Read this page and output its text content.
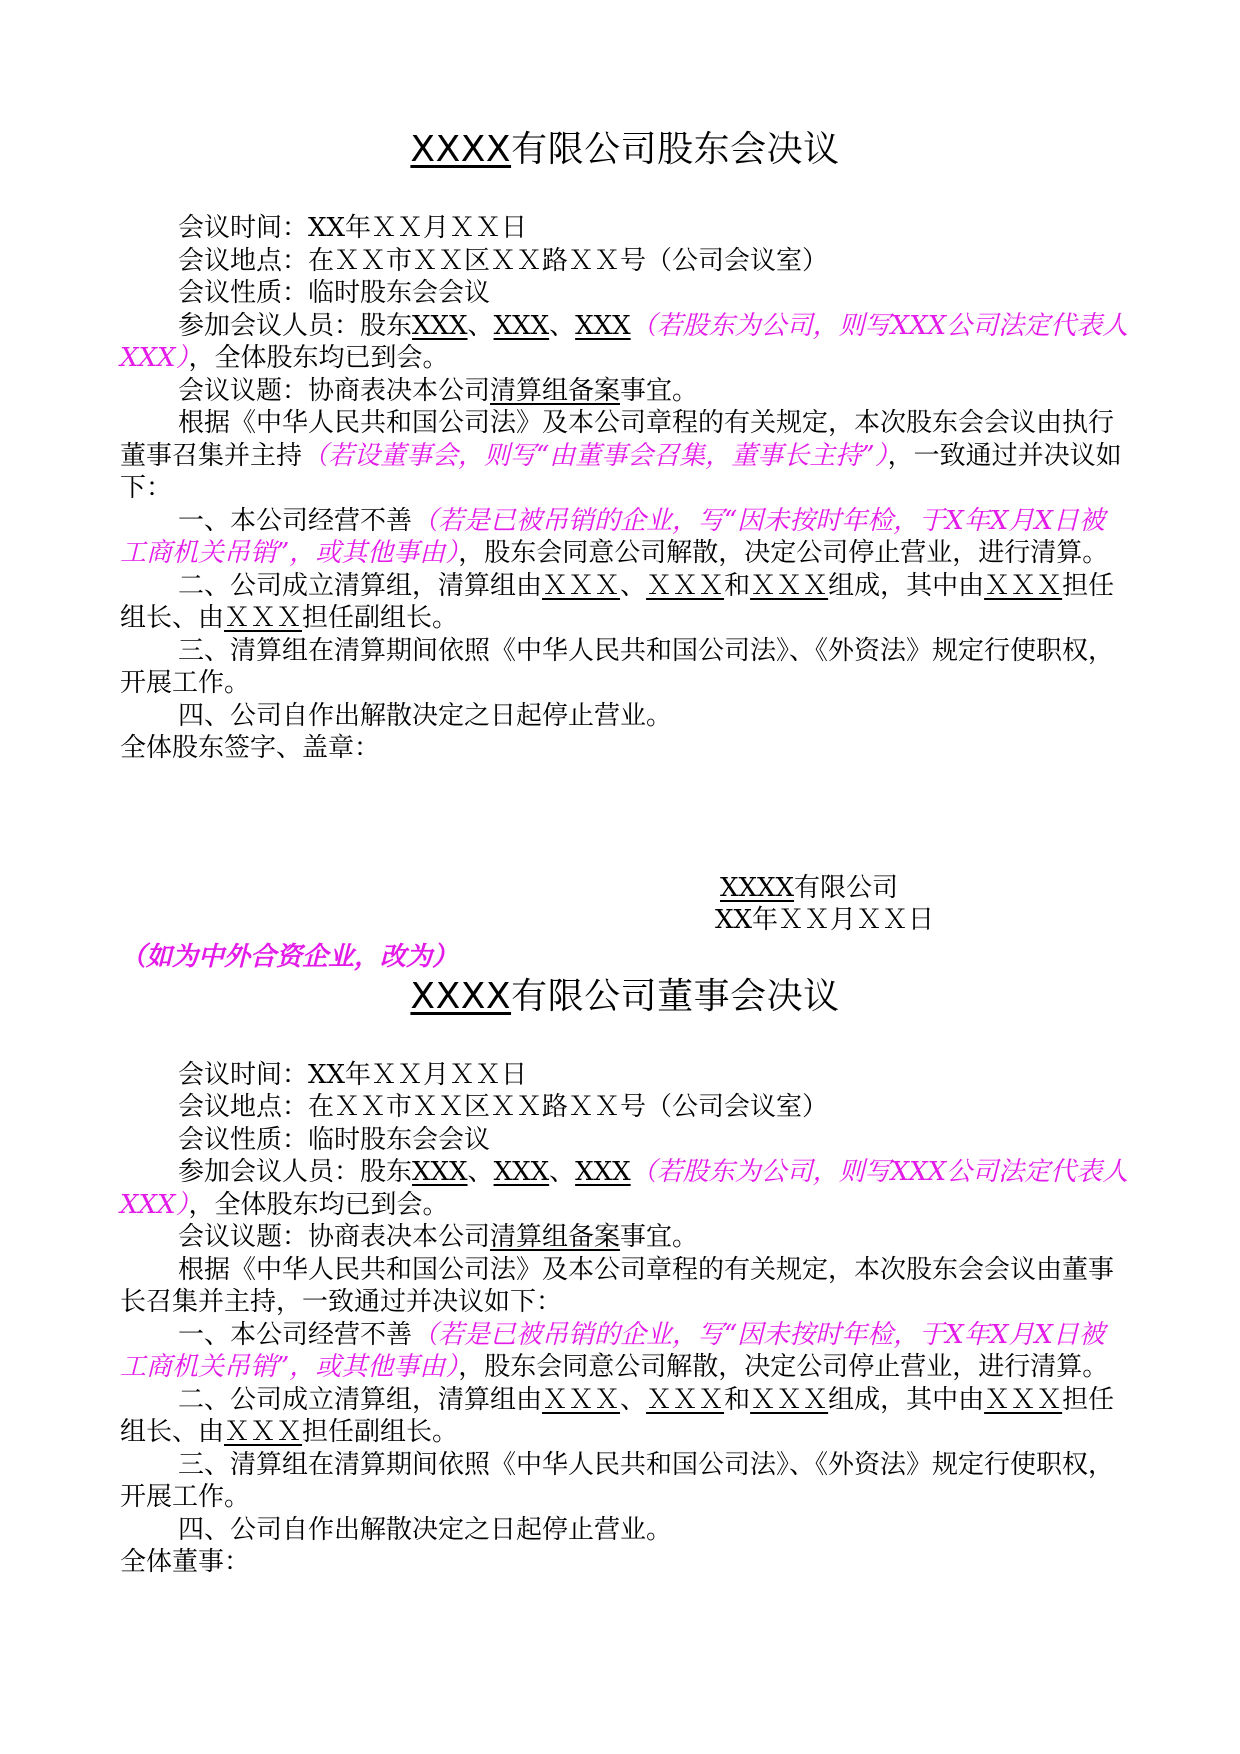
XXXX有限公司股东会决议

会议时间：XX年ＸＸ月ＸＸ日

会议地点：在ＸＸ市ＸＸ区ＸＸ路ＸＸ号（公司会议室）

会议性质：临时股东会会议

参加会议人员：股东XXX、XXX、XXX（若股东为公司，则写XXX公司法定代表人XXX），全体股东均已到会。

会议议题：协商表决本公司清算组备案事宜。

根据《中华人民共和国公司法》及本公司章程的有关规定，本次股东会会议由执行董事召集并主持（若设董事会，则写“由董事会召集，董事长主持”），一致通过并决议如下：

一、本公司经营不善（若是已被吊销的企业，写“因未按时年检，于X年X月X日被工商机关吊销”，或其他事由），股东会同意公司解散，决定公司停止营业，进行清算。

二、公司成立清算组，清算组由ＸＸＸ、ＸＸＸ和ＸＸＸ组成，其中由ＸＸＸ担任组长、由ＸＸＸ担任副组长。

三、清算组在清算期间依照《中华人民共和国公司法》、《外资法》规定行使职权，开展工作。

四、公司自作出解散决定之日起停止营业。

全体股东签字、盖章：

XXXX有限公司
XX年ＸＸ月ＸＸ日
（如为中外合资企业，改为）
XXXX有限公司董事会决议

会议时间：XX年ＸＸ月ＸＸ日

会议地点：在ＸＸ市ＸＸ区ＸＸ路ＸＸ号（公司会议室）

会议性质：临时股东会会议

参加会议人员：股东XXX、XXX、XXX（若股东为公司，则写XXX公司法定代表人XXX），全体股东均已到会。

会议议题：协商表决本公司清算组备案事宜。

根据《中华人民共和国公司法》及本公司章程的有关规定，本次股东会会议由董事长召集并主持，一致通过并决议如下：

一、本公司经营不善（若是已被吊销的企业，写“因未按时年检，于X年X月X日被工商机关吊销”，或其他事由），股东会同意公司解散，决定公司停止营业，进行清算。

二、公司成立清算组，清算组由ＸＸＸ、ＸＸＸ和ＸＸＸ组成，其中由ＸＸＸ担任组长、由ＸＸＸ担任副组长。

三、清算组在清算期间依照《中华人民共和国公司法》、《外资法》规定行使职权，开展工作。

四、公司自作出解散决定之日起停止营业。

全体董事：
